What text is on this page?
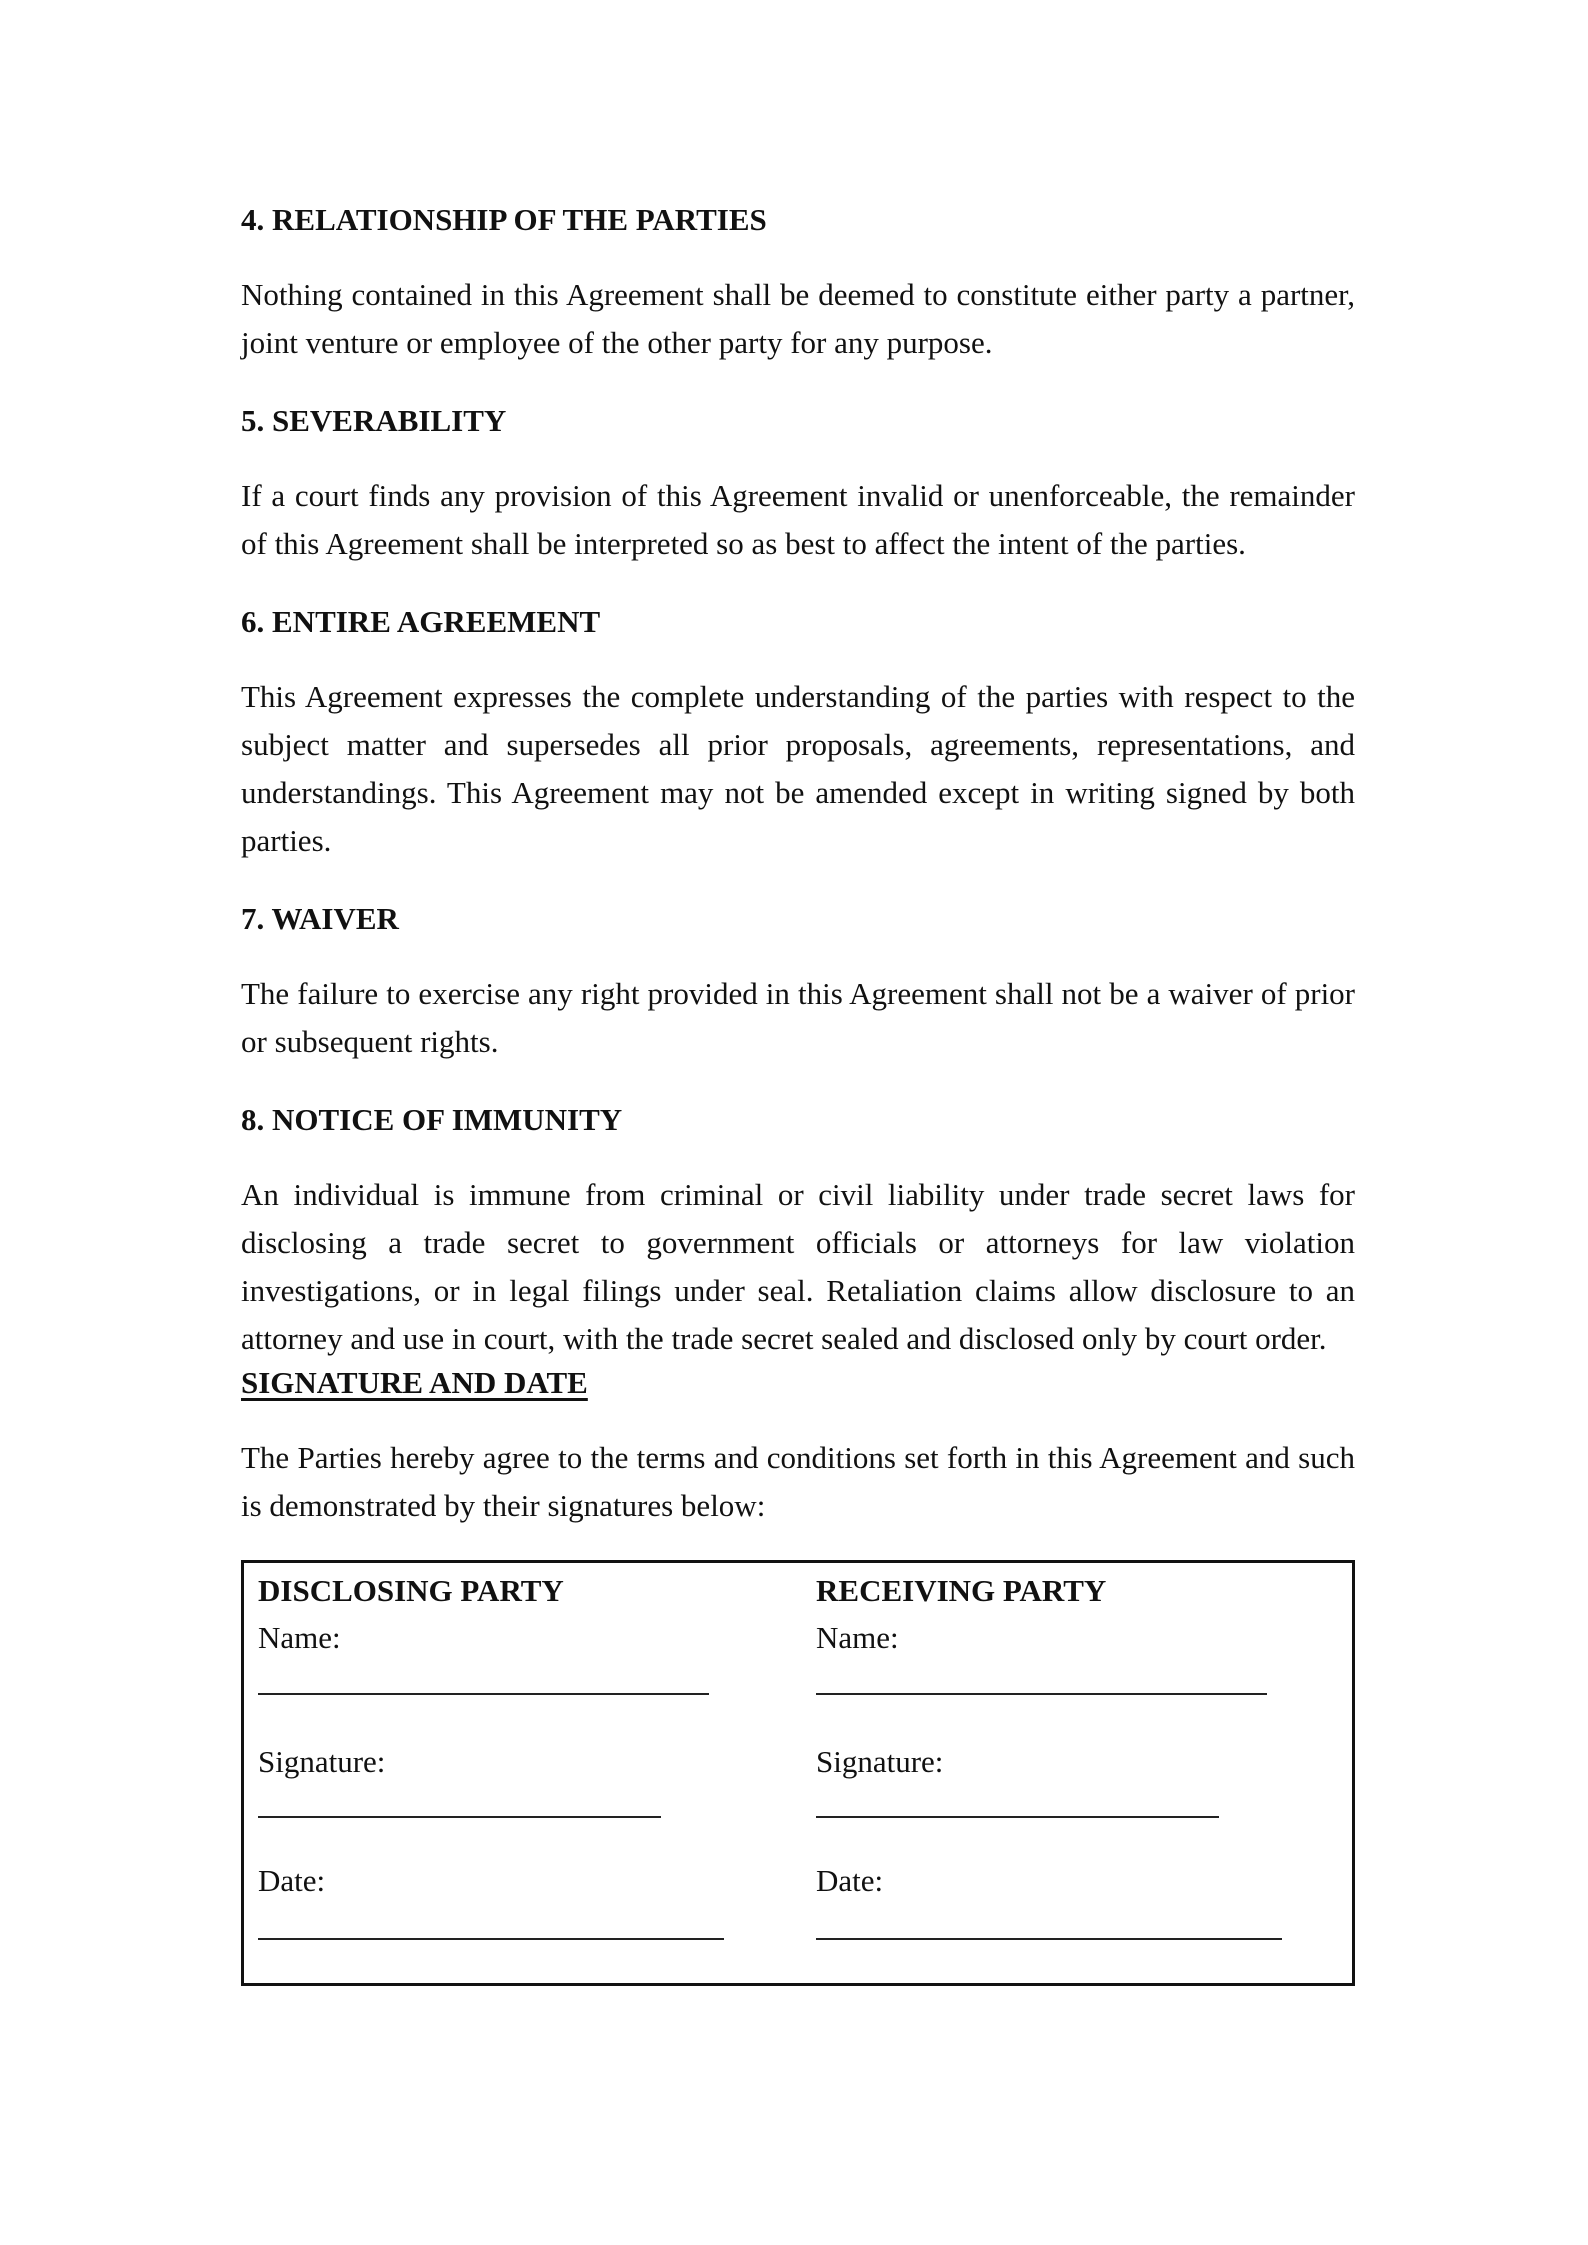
4. RELATIONSHIP OF THE PARTIES

Nothing contained in this Agreement shall be deemed to constitute either party a partner, joint venture or employee of the other party for any purpose.

5. SEVERABILITY

If a court finds any provision of this Agreement invalid or unenforceable, the remainder of this Agreement shall be interpreted so as best to affect the intent of the parties.

6. ENTIRE AGREEMENT

This Agreement expresses the complete understanding of the parties with respect to the subject matter and supersedes all prior proposals, agreements, representations, and understandings. This Agreement may not be amended except in writing signed by both parties.

7. WAIVER

The failure to exercise any right provided in this Agreement shall not be a waiver of prior or subsequent rights.

8. NOTICE OF IMMUNITY

An individual is immune from criminal or civil liability under trade secret laws for disclosing a trade secret to government officials or attorneys for law violation investigations, or in legal filings under seal. Retaliation claims allow disclosure to an attorney and use in court, with the trade secret sealed and disclosed only by court order.

SIGNATURE AND DATE

The Parties hereby agree to the terms and conditions set forth in this Agreement and such is demonstrated by their signatures below:

DISCLOSING PARTY
Name:
Signature:
Date:
RECEIVING PARTY
Name:
Signature:
Date:
